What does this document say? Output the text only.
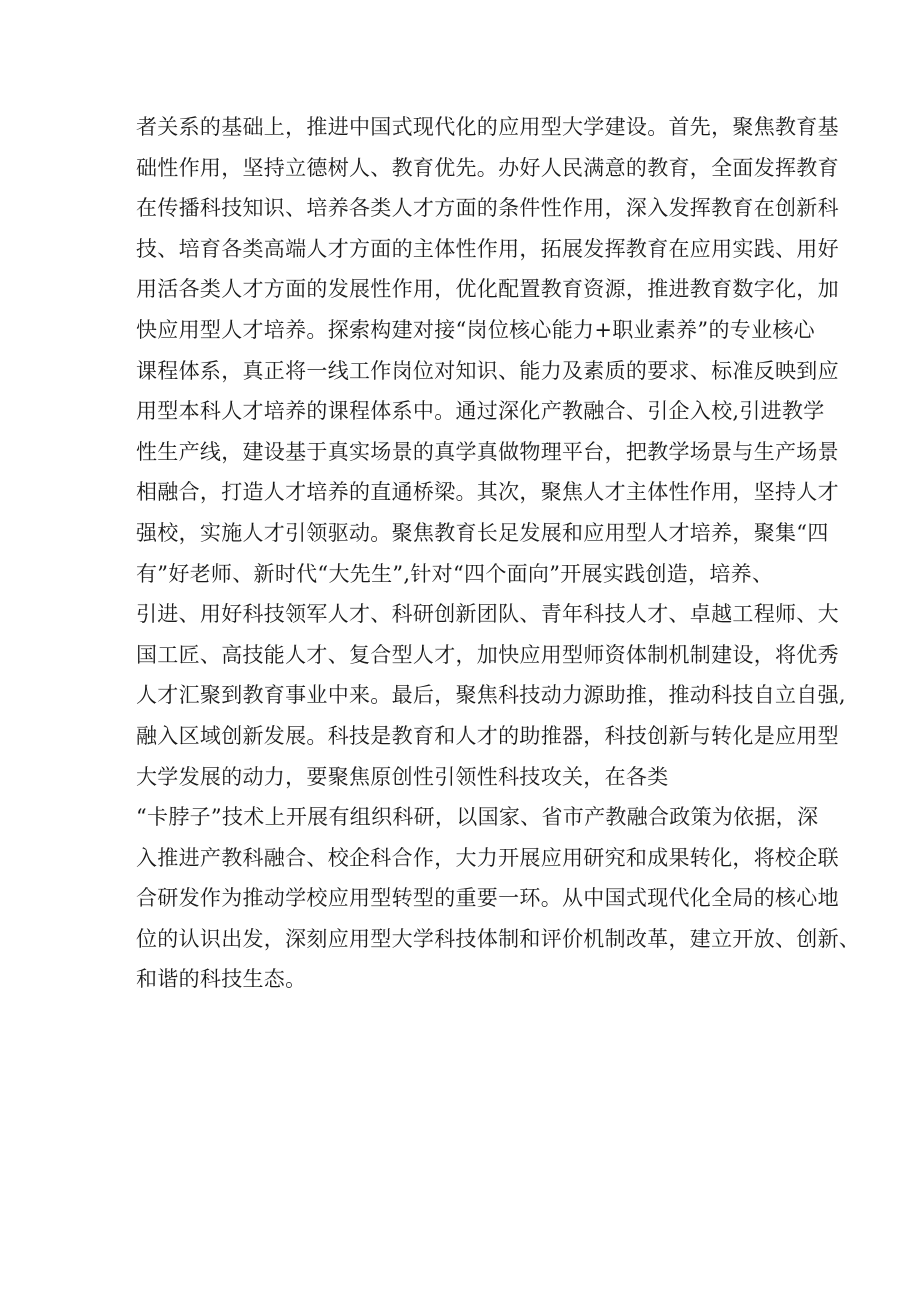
者关系的基础上，推进中国式现代化的应用型大学建设。首先，聚焦教育基
础性作用，坚持立德树人、教育优先。办好人民满意的教育，全面发挥教育
在传播科技知识、培养各类人才方面的条件性作用，深入发挥教育在创新科
技、培育各类高端人才方面的主体性作用，拓展发挥教育在应用实践、用好
用活各类人才方面的发展性作用，优化配置教育资源，推进教育数字化，加
快应用型人才培养。探索构建对接“岗位核心能力+职业素养”的专业核心
课程体系，真正将一线工作岗位对知识、能力及素质的要求、标准反映到应
用型本科人才培养的课程体系中。通过深化产教融合、引企入校,引进教学
性生产线，建设基于真实场景的真学真做物理平台，把教学场景与生产场景
相融合，打造人才培养的直通桥梁。其次，聚焦人才主体性作用，坚持人才
强校，实施人才引领驱动。聚焦教育长足发展和应用型人才培养，聚集“四
有”好老师、新时代“大先生”,针对“四个面向”开展实践创造，培养、
引进、用好科技领军人才、科研创新团队、青年科技人才、卓越工程师、大
国工匠、高技能人才、复合型人才，加快应用型师资体制机制建设，将优秀
人才汇聚到教育事业中来。最后，聚焦科技动力源助推，推动科技自立自强,
融入区域创新发展。科技是教育和人才的助推器，科技创新与转化是应用型
大学发展的动力，要聚焦原创性引领性科技攻关，在各类
“卡脖子”技术上开展有组织科研，以国家、省市产教融合政策为依据，深
入推进产教科融合、校企科合作，大力开展应用研究和成果转化，将校企联
合研发作为推动学校应用型转型的重要一环。从中国式现代化全局的核心地
位的认识出发，深刻应用型大学科技体制和评价机制改革，建立开放、创新、
和谐的科技生态。
